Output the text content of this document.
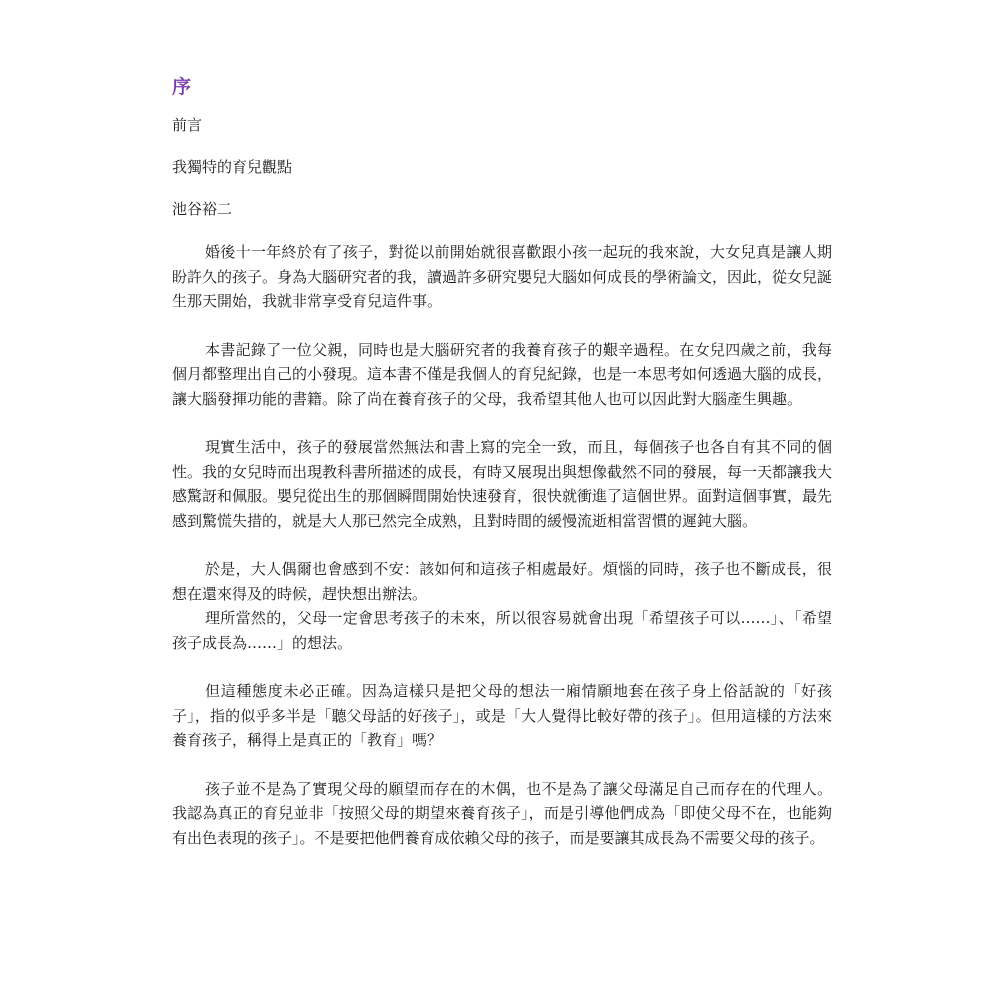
序
前言
我獨特的育兒觀點
池谷裕二

婚後十一年終於有了孩子，對從以前開始就很喜歡跟小孩一起玩的我來說，大女兒真是讓人期盼許久的孩子。身為大腦研究者的我，讀過許多研究嬰兒大腦如何成長的學術論文，因此，從女兒誕生那天開始，我就非常享受育兒這件事。

本書記錄了一位父親，同時也是大腦研究者的我養育孩子的艱辛過程。在女兒四歲之前，我每個月都整理出自己的小發現。這本書不僅是我個人的育兒紀錄，也是一本思考如何透過大腦的成長，讓大腦發揮功能的書籍。除了尚在養育孩子的父母，我希望其他人也可以因此對大腦產生興趣。

現實生活中，孩子的發展當然無法和書上寫的完全一致，而且，每個孩子也各自有其不同的個性。我的女兒時而出現教科書所描述的成長，有時又展現出與想像截然不同的發展，每一天都讓我大感驚訝和佩服。嬰兒從出生的那個瞬間開始快速發育，很快就衝進了這個世界。面對這個事實，最先感到驚慌失措的，就是大人那已然完全成熟，且對時間的緩慢流逝相當習慣的遲鈍大腦。

於是，大人偶爾也會感到不安：該如何和這孩子相處最好。煩惱的同時，孩子也不斷成長，很想在還來得及的時候，趕快想出辦法。

理所當然的，父母一定會思考孩子的未來，所以很容易就會出現「希望孩子可以……」、「希望孩子成長為……」的想法。

但這種態度未必正確。因為這樣只是把父母的想法一廂情願地套在孩子身上俗話說的「好孩子」，指的似乎多半是「聽父母話的好孩子」，或是「大人覺得比較好帶的孩子」。但用這樣的方法來養育孩子，稱得上是真正的「教育」嗎？

孩子並不是為了實現父母的願望而存在的木偶，也不是為了讓父母滿足自己而存在的代理人。我認為真正的育兒並非「按照父母的期望來養育孩子」，而是引導他們成為「即使父母不在，也能夠有出色表現的孩子」。不是要把他們養育成依賴父母的孩子，而是要讓其成長為不需要父母的孩子。
